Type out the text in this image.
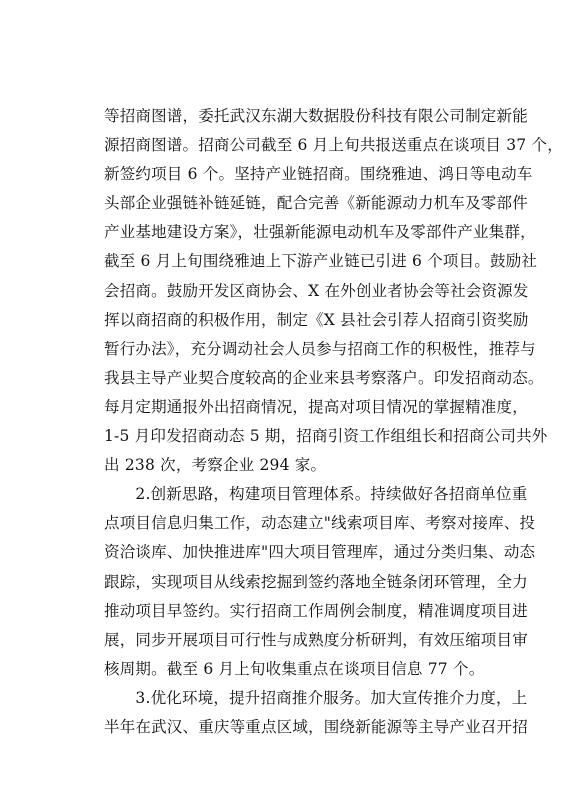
等招商图谱，委托武汉东湖大数据股份科技有限公司制定新能
源招商图谱。招商公司截至 6 月上旬共报送重点在谈项目 37 个，
新签约项目 6 个。坚持产业链招商。围绕雅迪、鸿日等电动车
头部企业强链补链延链，配合完善《新能源动力机车及零部件
产业基地建设方案》，壮强新能源电动机车及零部件产业集群，
截至 6 月上旬围绕雅迪上下游产业链已引进 6 个项目。鼓励社
会招商。鼓励开发区商协会、X 在外创业者协会等社会资源发
挥以商招商的积极作用，制定《X 县社会引荐人招商引资奖励
暂行办法》，充分调动社会人员参与招商工作的积极性，推荐与
我县主导产业契合度较高的企业来县考察落户。印发招商动态。
每月定期通报外出招商情况，提高对项目情况的掌握精准度，
1-5 月印发招商动态 5 期，招商引资工作组组长和招商公司共外
出 238 次，考察企业 294 家。
　　2.创新思路，构建项目管理体系。持续做好各招商单位重
点项目信息归集工作，动态建立"线索项目库、考察对接库、投
资洽谈库、加快推进库"四大项目管理库，通过分类归集、动态
跟踪，实现项目从线索挖掘到签约落地全链条闭环管理，全力
推动项目早签约。实行招商工作周例会制度，精准调度项目进
展，同步开展项目可行性与成熟度分析研判，有效压缩项目审
核周期。截至 6 月上旬收集重点在谈项目信息 77 个。
　　3.优化环境，提升招商推介服务。加大宣传推介力度，上
半年在武汉、重庆等重点区域，围绕新能源等主导产业召开招
